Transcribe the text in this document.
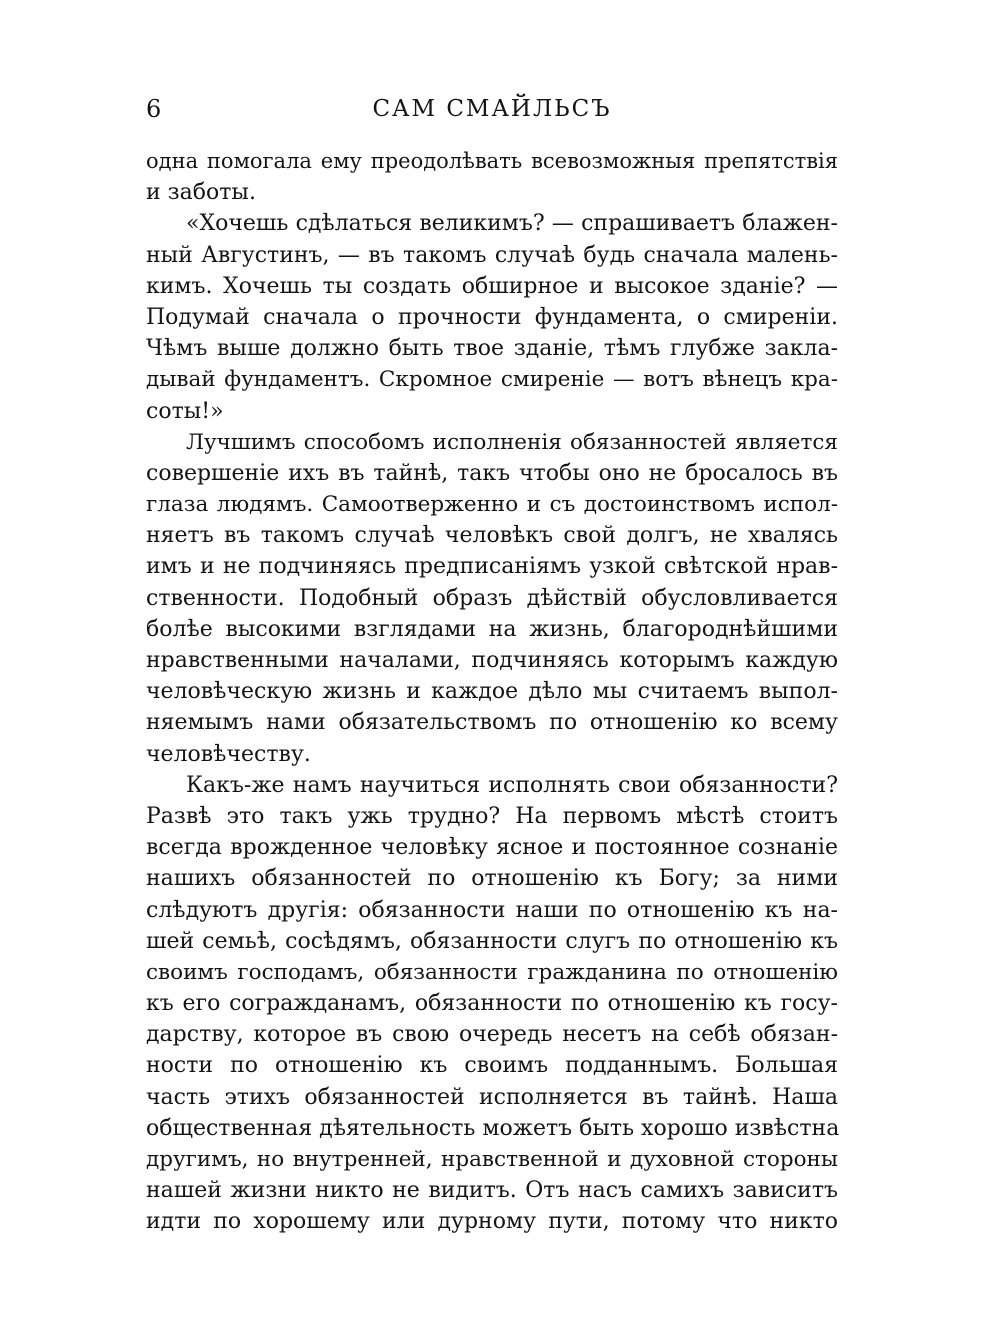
6	САМ СМАЙЛЬСЪ
одна помогала ему преодолѣвать всевозможныя препятствія
и заботы.
«Хочешь сдѣлаться великимъ? — спрашиваетъ блажен-
ный Августинъ, — въ такомъ случаѣ будь сначала малень-
кимъ. Хочешь ты создать обширное и высокое зданіе? —
Подумай сначала о прочности фундамента, о смиреніи.
Чѣмъ выше должно быть твое зданіе, тѣмъ глубже закла-
дывай фундаментъ. Скромное смиреніе — вотъ вѣнецъ кра-
соты!»
Лучшимъ способомъ исполненія обязанностей является
совершеніе ихъ въ тайнѣ, такъ чтобы оно не бросалось въ
глаза людямъ. Самоотверженно и съ достоинствомъ испол-
няетъ въ такомъ случаѣ человѣкъ свой долгъ, не хвалясь
имъ и не подчиняясь предписаніямъ узкой свѣтской нрав-
ственности. Подобный образъ дѣйствій обусловливается
болѣе высокими взглядами на жизнь, благороднѣйшими
нравственными началами, подчиняясь которымъ каждую
человѣческую жизнь и каждое дѣло мы считаемъ выпол-
няемымъ нами обязательствомъ по отношенію ко всему
человѣчеству.
Какъ-же намъ научиться исполнять свои обязанности?
Развѣ это такъ ужь трудно? На первомъ мѣстѣ стоитъ
всегда врожденное человѣку ясное и постоянное сознаніе
нашихъ обязанностей по отношенію къ Богу; за ними
слѣдуютъ другія: обязанности наши по отношенію къ на-
шей семьѣ, сосѣдямъ, обязанности слугъ по отношенію къ
своимъ господамъ, обязанности гражданина по отношенію
къ его согражданамъ, обязанности по отношенію къ госу-
дарству, которое въ свою очередь несетъ на себѣ обязан-
ности по отношенію къ своимъ подданнымъ. Большая
часть этихъ обязанностей исполняется въ тайнѣ. Наша
общественная дѣятельность можетъ быть хорошо извѣстна
другимъ, но внутренней, нравственной и духовной стороны
нашей жизни никто не видитъ. Отъ насъ самихъ зависитъ
идти по хорошему или дурному пути, потому что никто
